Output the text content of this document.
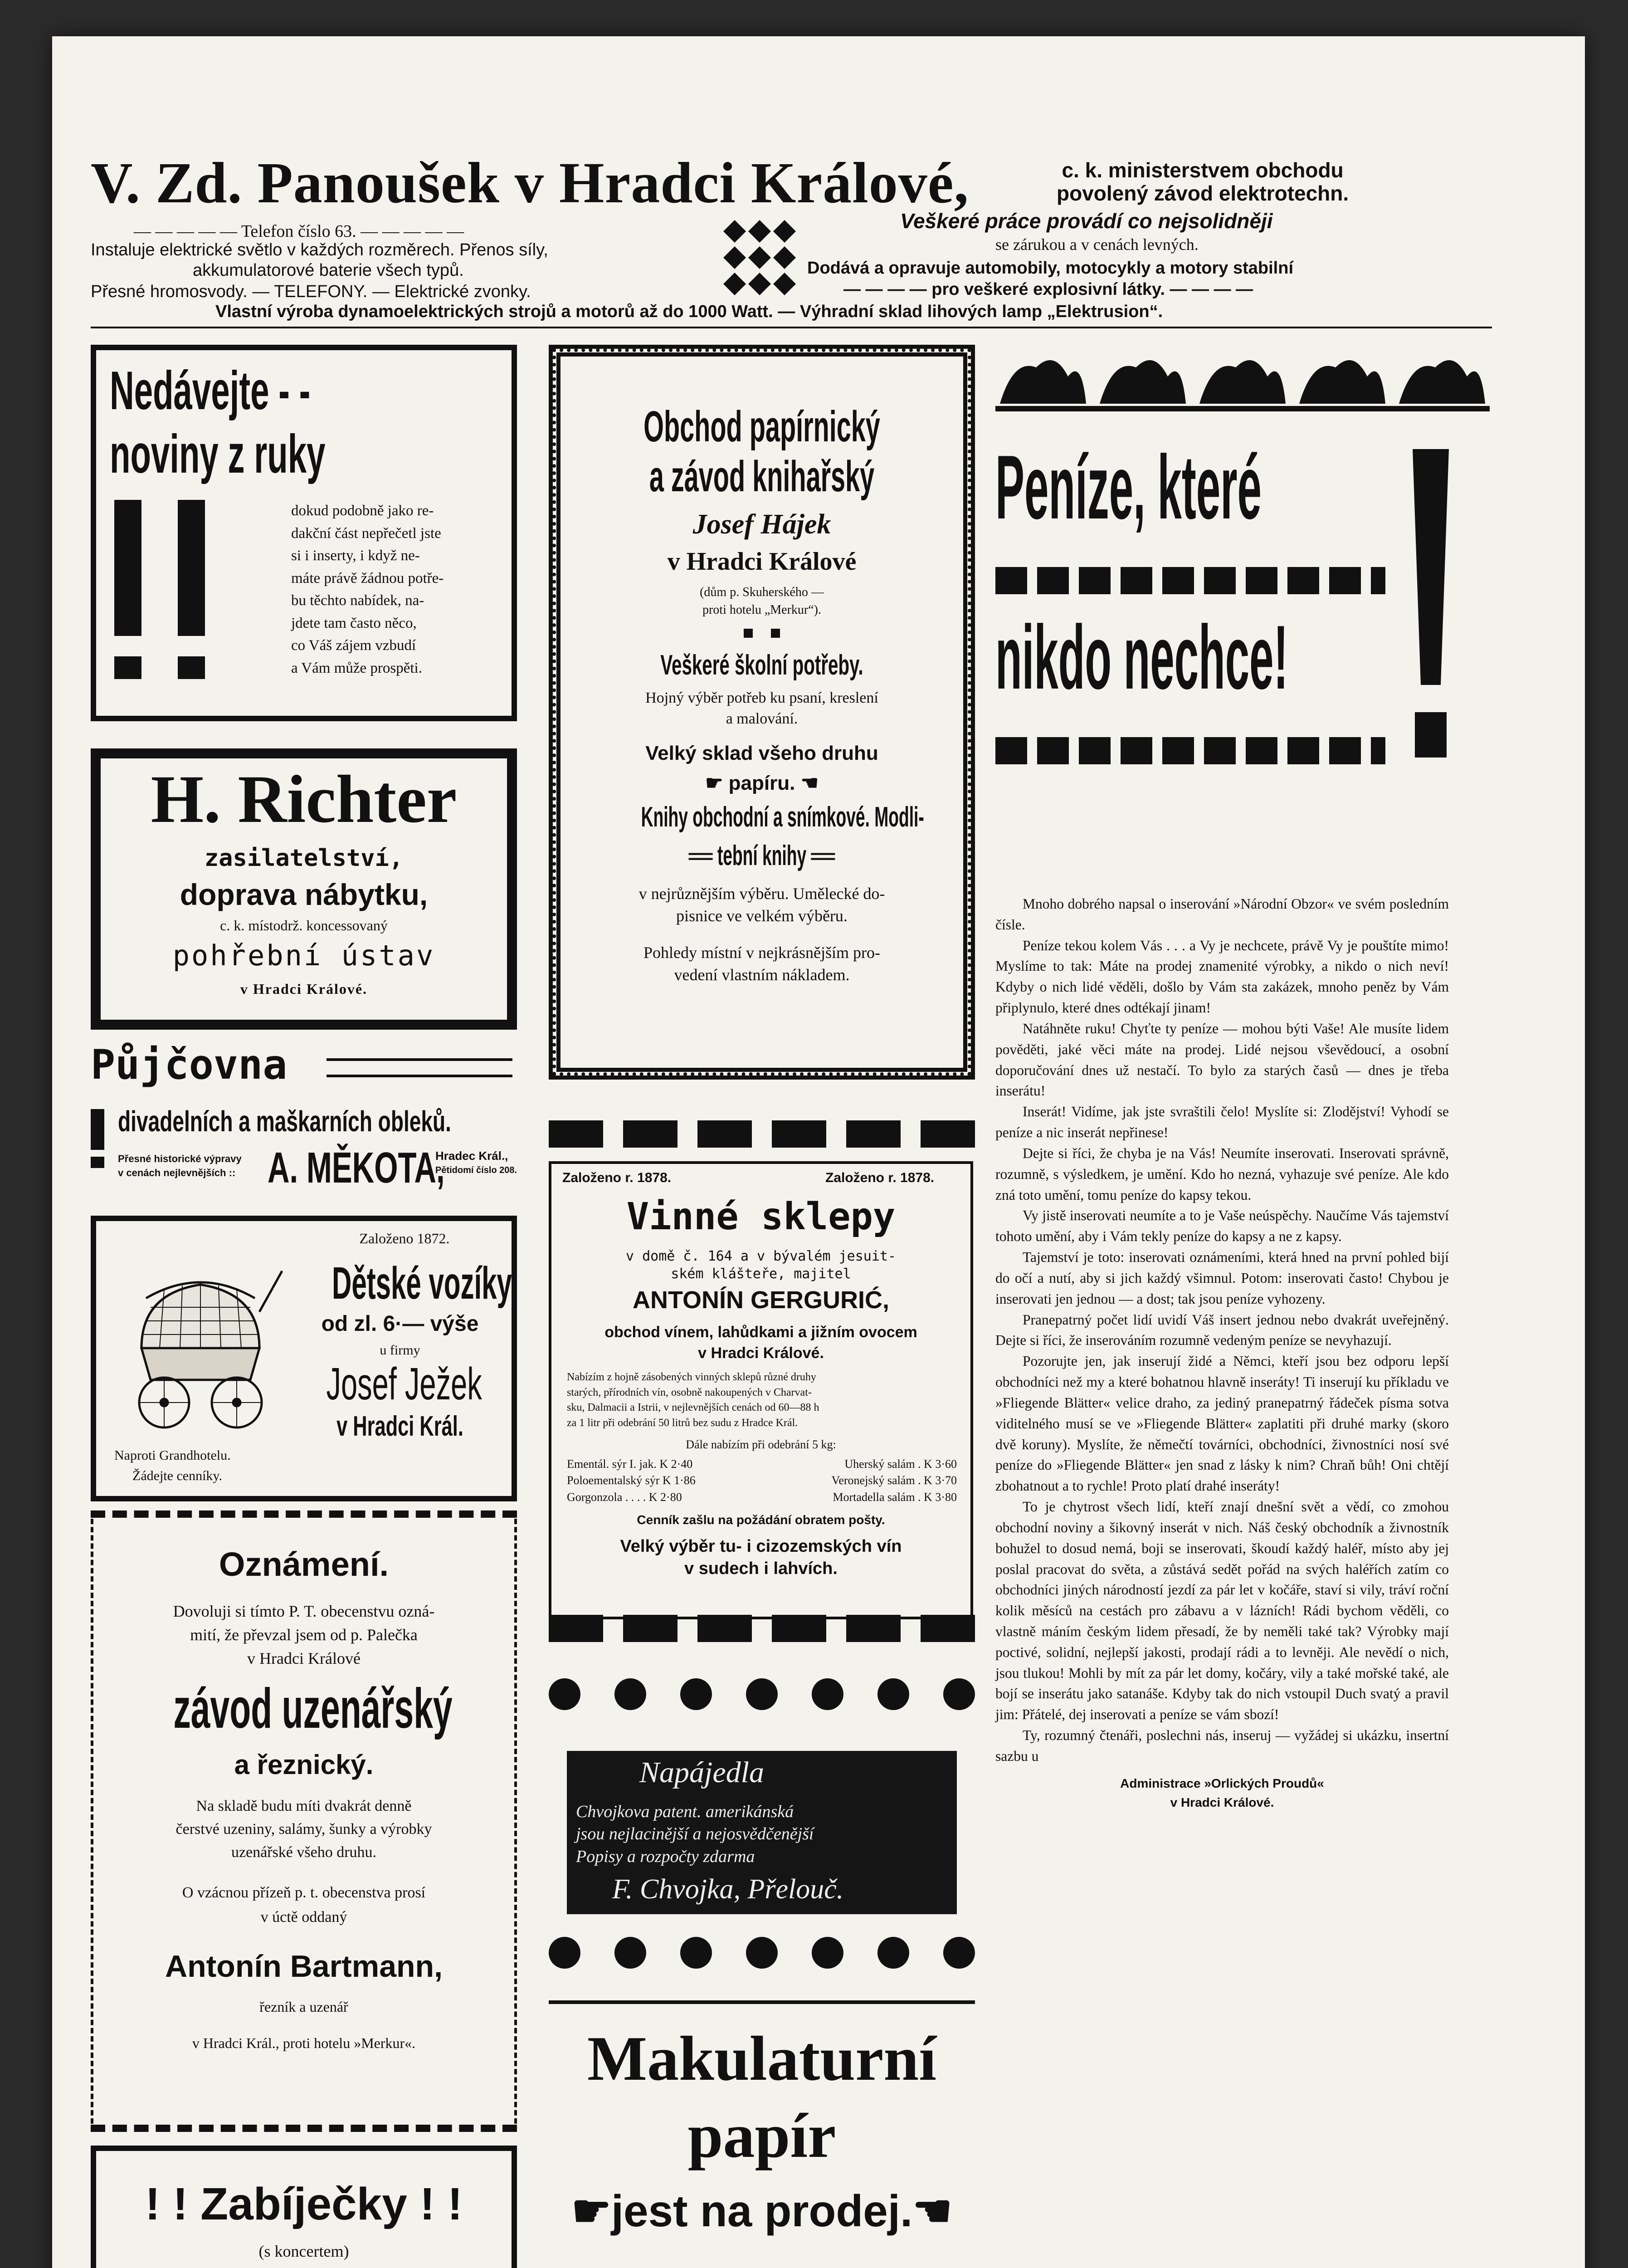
V. Zd. Panoušek v Hradci Králové,	c. k. ministerstvem obchodu
povolený závod elektrotechn.
— — — — — Telefon číslo 63. — — — — —
Instaluje elektrické světlo v každých rozměrech. Přenos síly,
akkumulatorové baterie všech typů.
Přesné hromosvody. — TELEFONY. — Elektrické zvonky.
Veškeré práce provádí co nejsolidněji
se zárukou a v cenách levných.
Dodává a opravuje automobily, motocykly a motory stabilní
— — — — pro veškeré explosivní látky. — — — —
Vlastní výroba dynamoelektrických strojů a motorů až do 1000 Watt. — Výhradní sklad lihových lamp „Elektrusion“.
Nedávejte - -
noviny z ruky
dokud podobně jako re-
dakční část nepřečetl jste
si i inserty, i když ne-
máte právě žádnou potře-
bu těchto nabídek, na-
jdete tam často něco,
co Váš zájem vzbudí
a Vám může prospěti.
H. Richter
zasilatelství,
doprava nábytku,
c. k. místodrž. koncessovaný
pohřební ústav
v Hradci Králové.
Půjčovna
divadelních a maškarních obleků.
Přesné historické výpravy
v cenách nejlevnějších :: A. MĚKOTA,
Hradec Král.,
Pětidomí číslo 208.
Založeno 1872.
Naproti Grandhotelu.
Žádejte cenníky.
Dětské vozíky
od zl. 6·— výše
u firmy
Josef Ježek
v Hradci Král.
Oznámení.
Dovoluji si tímto P. T. obecenstvu ozná-
mití, že převzal jsem od p. Palečka
v Hradci Králové
závod uzenářský
a řeznický.
Na skladě budu míti dvakrát denně
čerstvé uzeniny, salámy, šunky a výrobky
uzenářské všeho druhu.
O vzácnou přízeň p. t. obecenstva prosí
v úctě oddaný
Antonín Bartmann,
řezník a uzenář
v Hradci Král., proti hotelu »Merkur«.
! ! Zabíječky ! !
(s koncertem)
Obchod papírnický
a závod knihařský
Josef Hájek
v Hradci Králové
(dům p. Skuherského —
proti hotelu „Merkur“).
Veškeré školní potřeby.
Hojný výběr potřeb ku psaní, kreslení
a malování.
Velký sklad všeho druhu
☛ papíru. ☚
Knihy obchodní a snímkové. Modli-
══ tební knihy ══
v nejrůznějším výběru. Umělecké do-
pisnice ve velkém výběru.
Pohledy místní v nejkrásnějším pro-
vedení vlastním nákladem.
Založeno r. 1878.	Založeno r. 1878.
Vinné sklepy
v domě č. 164 a v bývalém jesuit-
ském klášteře, majitel
ANTONÍN GERGURIĆ,
obchod vínem, lahůdkami a jižním ovocem
v Hradci Králové.
Nabízím z hojně zásobených vinných sklepů různé druhy
starých, přírodních vín, osobně nakoupených v Charvat-
sku, Dalmacii a Istrii, v nejlevnějších cenách od 60—88 h
za 1 litr při odebrání 50 litrů bez sudu z Hradce Král.
Dále nabízím při odebrání 5 kg:
Ementál. sýr I. jak. K 2·40	Uherský salám . K 3·60
Poloementalský sýr K 1·86	Veronejský salám . K 3·70
Gorgonzola . . . . K 2·80	Mortadella salám . K 3·80
Cenník zašlu na požádání obratem pošty.
Velký výběr tu- i cizozemských vín
v sudech i lahvích.
Napájedla
Chvojkova patent. amerikánská
jsou nejlacinější a nejosvědčenější
Popisy a rozpočty zdarma
F. Chvojka, Přelouč.
Makulaturní
papír
☛jest na prodej.☚
Peníze, které
nikdo nechce!

Mnoho dobrého napsal o inserování »Národní Obzor« ve svém posledním čísle.

Peníze tekou kolem Vás . . . a Vy je nechcete, právě Vy je pouštíte mimo! Myslíme to tak: Máte na prodej znamenité výrobky, a nikdo o nich neví! Kdyby o nich lidé věděli, došlo by Vám sta zakázek, mnoho peněz by Vám připlynulo, které dnes odtékají jinam!

Natáhněte ruku! Chyťte ty peníze — mohou býti Vaše! Ale musíte lidem pověděti, jaké věci máte na prodej. Lidé nejsou vševědoucí, a osobní doporučování dnes už nestačí. To bylo za starých časů — dnes je třeba inserátu!

Inserát! Vidíme, jak jste svraštili čelo! Myslíte si: Zlodějství! Vyhodí se peníze a nic inserát nepřinese!

Dejte si říci, že chyba je na Vás! Neumíte inserovati. Inserovati správně, rozumně, s výsledkem, je umění. Kdo ho nezná, vyhazuje své peníze. Ale kdo zná toto umění, tomu peníze do kapsy tekou.

Vy jistě inserovati neumíte a to je Vaše neúspěchy. Naučíme Vás tajemství tohoto umění, aby i Vám tekly peníze do kapsy a ne z kapsy.

Tajemství je toto: inserovati oznámeními, která hned na první pohled bijí do očí a nutí, aby si jich každý všimnul. Potom: inserovati často! Chybou je inserovati jen jednou — a dost; tak jsou peníze vyhozeny.

Pranepatrný počet lidí uvidí Váš insert jednou nebo dvakrát uveřejněný. Dejte si říci, že inserováním rozumně vedeným peníze se nevyhazují.

Pozorujte jen, jak inserují židé a Němci, kteří jsou bez odporu lepší obchodníci než my a které bohatnou hlavně inseráty! Ti inserují ku příkladu ve »Fliegende Blätter« velice draho, za jediný pranepatrný řádeček písma sotva viditelného musí se ve »Fliegende Blätter« zaplatiti při druhé marky (skoro dvě koruny). Myslíte, že němečtí továrníci, obchodníci, živnostníci nosí své peníze do »Fliegende Blätter« jen snad z lásky k nim? Chraň bůh! Oni chtějí zbohatnout a to rychle! Proto platí drahé inseráty!

To je chytrost všech lidí, kteří znají dnešní svět a vědí, co zmohou obchodní noviny a šikovný inserát v nich. Náš český obchodník a živnostník bohužel to dosud nemá, boji se inserovati, škoudí každý haléř, místo aby jej poslal pracovat do světa, a zůstává sedět pořád na svých haléřích zatím co obchodníci jiných národností jezdí za pár let v kočáře, staví si vily, tráví roční kolik měsíců na cestách pro zábavu a v lázních! Rádi bychom věděli, co vlastně máním českým lidem přesadí, že by neměli také tak? Výrobky mají poctivé, solidní, nejlepší jakosti, prodají rádi a to levněji. Ale nevědí o nich, jsou tlukou! Mohli by mít za pár let domy, kočáry, vily a také mořské také, ale bojí se inserátu jako satanáše. Kdyby tak do nich vstoupil Duch svatý a pravil jim: Přátelé, dej inserovati a peníze se vám sbozí!

Ty, rozumný čtenáři, poslechni nás, inseruj — vyžádej si ukázku, insertní sazbu u

Administrace »Orlických Proudů«
v Hradci Králové.
